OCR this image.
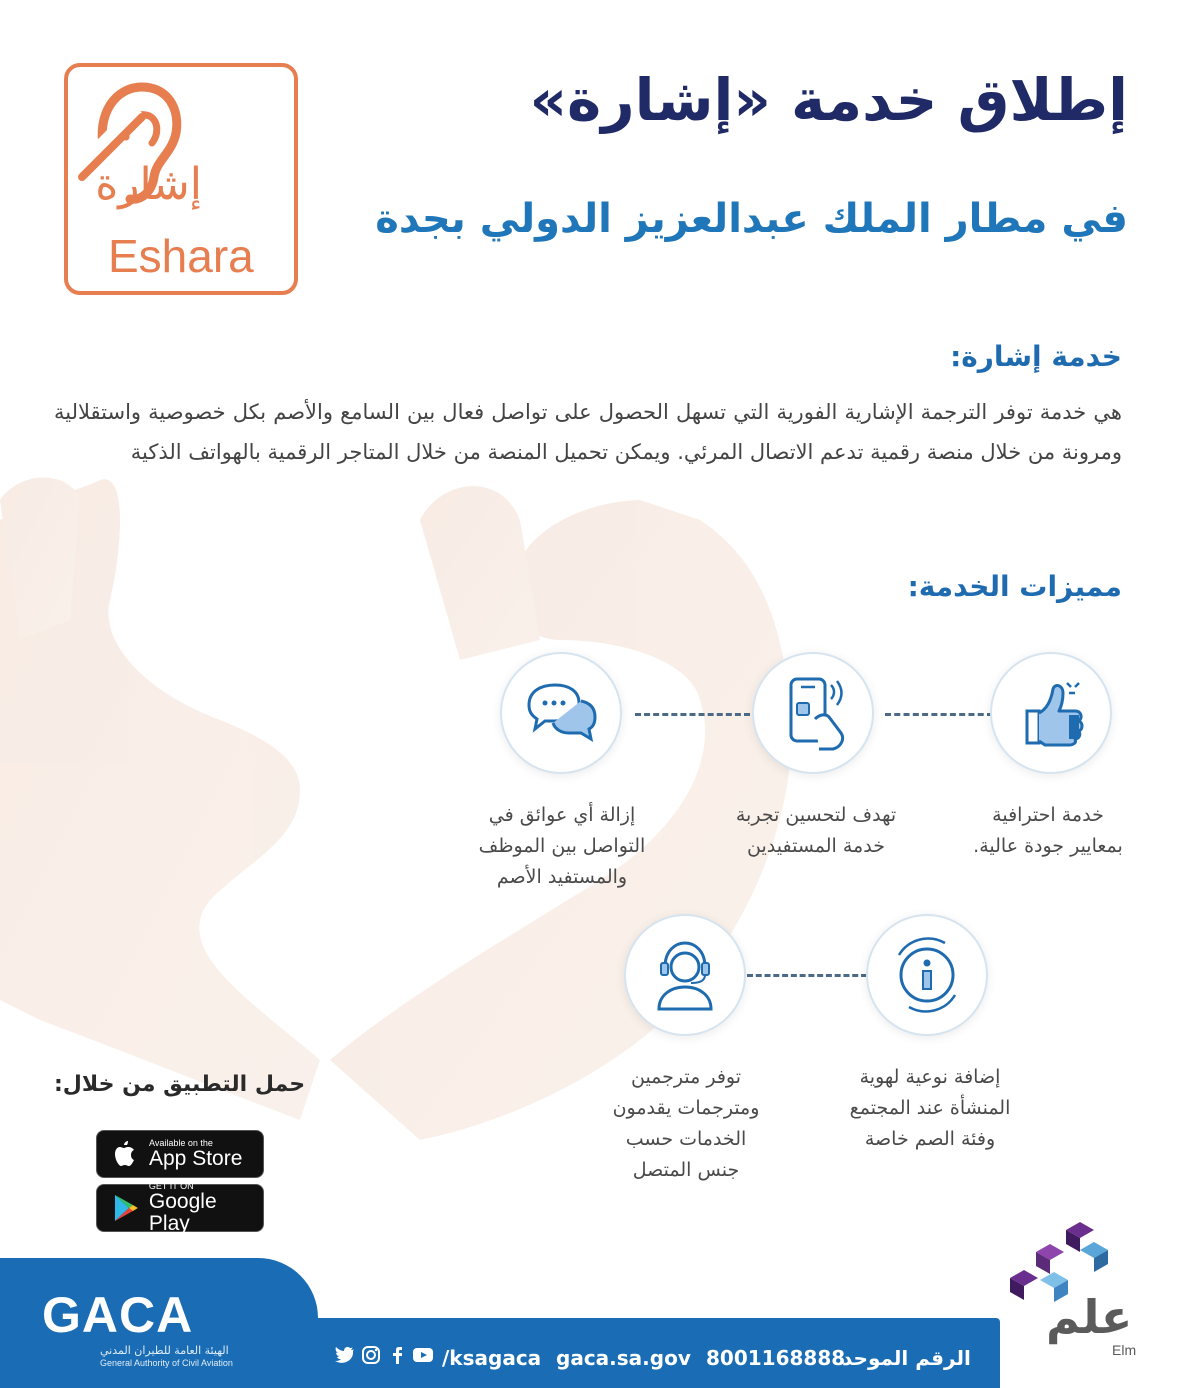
إشارة
Eshara
إطلاق خدمة «إشارة»
في مطار الملك عبدالعزيز الدولي بجدة
خدمة إشارة:
هي خدمة توفر الترجمة الإشارية الفورية التي تسهل الحصول على تواصل فعال بين السامع والأصم بكل خصوصية واستقلالية ومرونة من خلال منصة رقمية تدعم الاتصال المرئي. ويمكن تحميل المنصة من خلال المتاجر الرقمية بالهواتف الذكية
مميزات الخدمة:
خدمة احترافية
بمعايير جودة عالية.
تهدف لتحسين تجربة
خدمة المستفيدين
إزالة أي عوائق في
التواصل بين الموظف
والمستفيد الأصم
إضافة نوعية لهوية
المنشأة عند المجتمع
وفئة الصم خاصة
توفر مترجمين
ومترجمات يقدمون
الخدمات حسب
جنس المتصل
حمل التطبيق من خلال:
Available on the
App Store
GET IT ON
Google Play
علم
Elm
GACA
الهيئة العامة للطيران المدني
General Authority of Civil Aviation	/ksagaca gaca.sa.gov 8001168888
الرقم الموحد
